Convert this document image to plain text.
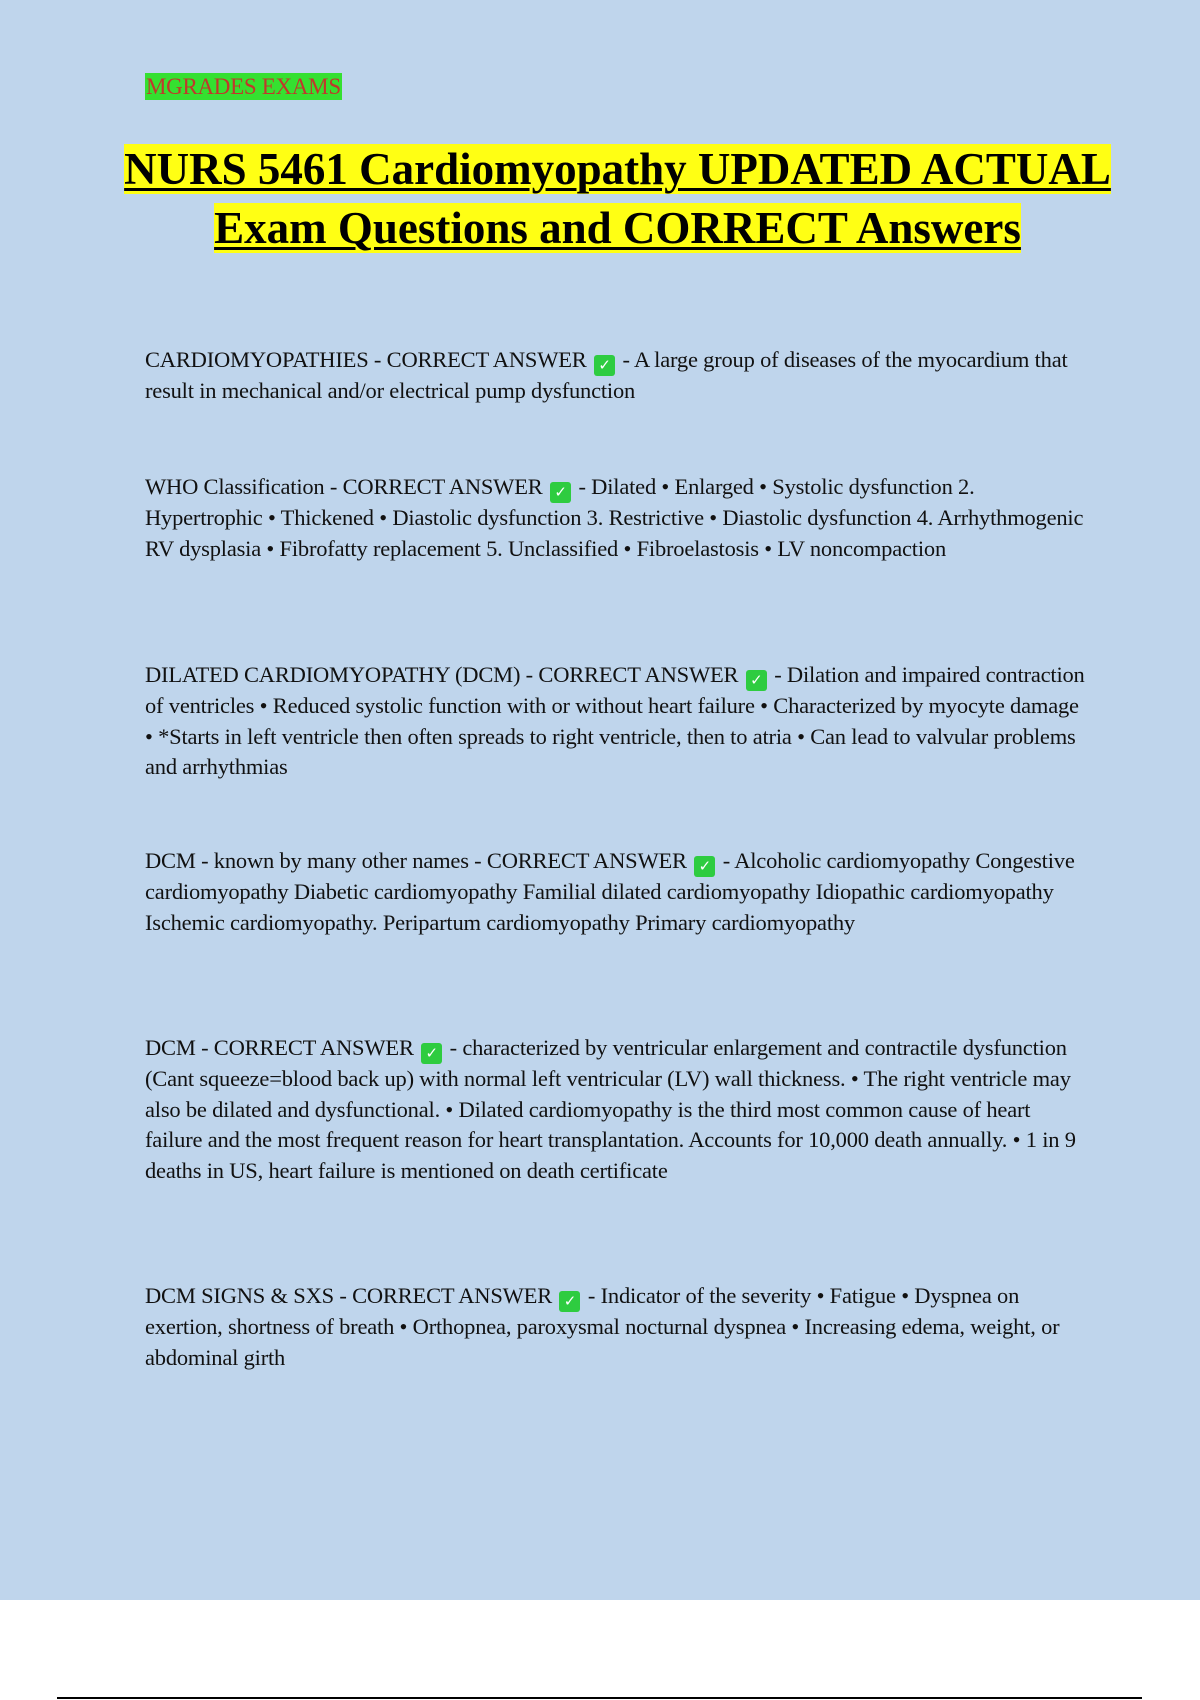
MGRADES EXAMS
NURS 5461 Cardiomyopathy UPDATED ACTUAL Exam Questions and CORRECT Answers

CARDIOMYOPATHIES - CORRECT ANSWER ✓ - A large group of diseases of the myocardium that result in mechanical and/or electrical pump dysfunction

WHO Classification - CORRECT ANSWER ✓ - Dilated • Enlarged • Systolic dysfunction 2. Hypertrophic • Thickened • Diastolic dysfunction 3. Restrictive • Diastolic dysfunction 4. Arrhythmogenic RV dysplasia • Fibrofatty replacement 5. Unclassified • Fibroelastosis • LV noncompaction

DILATED CARDIOMYOPATHY (DCM) - CORRECT ANSWER ✓ - Dilation and impaired contraction of ventricles • Reduced systolic function with or without heart failure • Characterized by myocyte damage • *Starts in left ventricle then often spreads to right ventricle, then to atria • Can lead to valvular problems and arrhythmias

DCM - known by many other names - CORRECT ANSWER ✓ - Alcoholic cardiomyopathy Congestive cardiomyopathy Diabetic cardiomyopathy Familial dilated cardiomyopathy Idiopathic cardiomyopathy Ischemic cardiomyopathy. Peripartum cardiomyopathy Primary cardiomyopathy

DCM - CORRECT ANSWER ✓ - characterized by ventricular enlargement and contractile dysfunction (Cant squeeze=blood back up) with normal left ventricular (LV) wall thickness. • The right ventricle may also be dilated and dysfunctional. • Dilated cardiomyopathy is the third most common cause of heart failure and the most frequent reason for heart transplantation. Accounts for 10,000 death annually. • 1 in 9 deaths in US, heart failure is mentioned on death certificate

DCM SIGNS & SXS - CORRECT ANSWER ✓ - Indicator of the severity • Fatigue • Dyspnea on exertion, shortness of breath • Orthopnea, paroxysmal nocturnal dyspnea • Increasing edema, weight, or abdominal girth
